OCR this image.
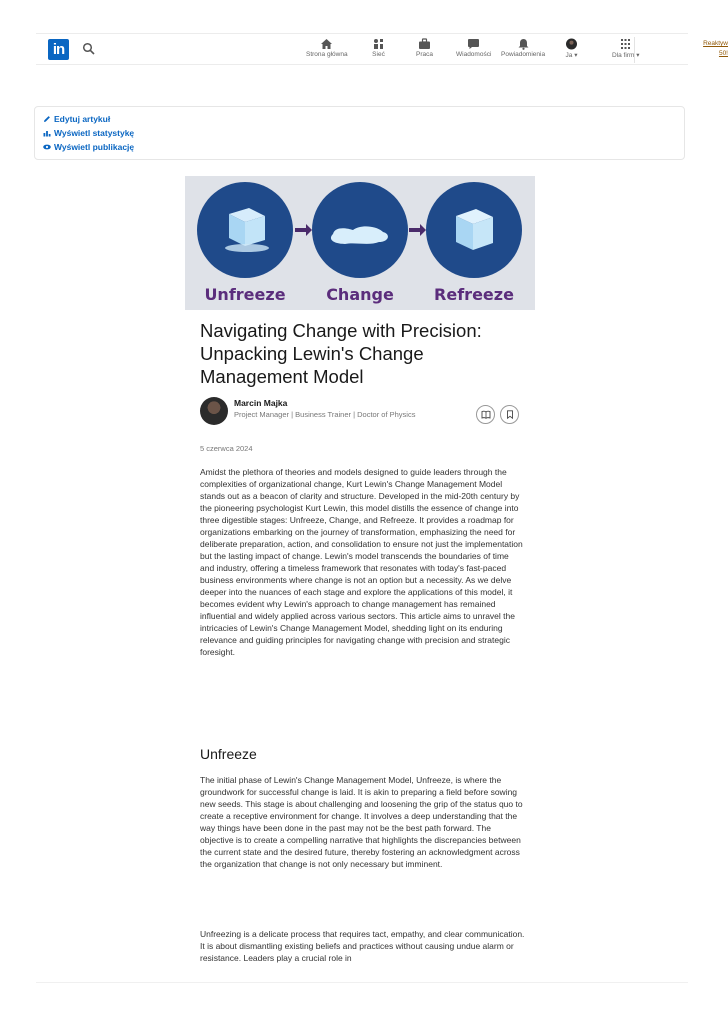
in	Strona główna	Sieć	Praca	Wiadomości Powiadomienia	Ja ▾	Dla firm ▾
Reaktyw
50!
Edytuj artykuł
Wyświetl statystykę
Wyświetl publikację
Unfreeze	Change	Refreeze
Navigating Change with Precision: Unpacking Lewin's Change Management Model
Marcin Majka
Project Manager | Business Trainer | Doctor of Physics
5 czerwca 2024

Amidst the plethora of theories and models designed to guide leaders through the complexities of organizational change, Kurt Lewin's Change Management Model stands out as a beacon of clarity and structure. Developed in the mid-20th century by the pioneering psychologist Kurt Lewin, this model distills the essence of change into three digestible stages: Unfreeze, Change, and Refreeze. It provides a roadmap for organizations embarking on the journey of transformation, emphasizing the need for deliberate preparation, action, and consolidation to ensure not just the implementation but the lasting impact of change. Lewin's model transcends the boundaries of time and industry, offering a timeless framework that resonates with today's fast-paced business environments where change is not an option but a necessity. As we delve deeper into the nuances of each stage and explore the applications of this model, it becomes evident why Lewin's approach to change management has remained influential and widely applied across various sectors. This article aims to unravel the intricacies of Lewin's Change Management Model, shedding light on its enduring relevance and guiding principles for navigating change with precision and strategic foresight.

Unfreeze

The initial phase of Lewin's Change Management Model, Unfreeze, is where the groundwork for successful change is laid. It is akin to preparing a field before sowing new seeds. This stage is about challenging and loosening the grip of the status quo to create a receptive environment for change. It involves a deep understanding that the way things have been done in the past may not be the best path forward. The objective is to create a compelling narrative that highlights the discrepancies between the current state and the desired future, thereby fostering an acknowledgment across the organization that change is not only necessary but imminent.

Unfreezing is a delicate process that requires tact, empathy, and clear communication. It is about dismantling existing beliefs and practices without causing undue alarm or resistance. Leaders play a crucial role in
